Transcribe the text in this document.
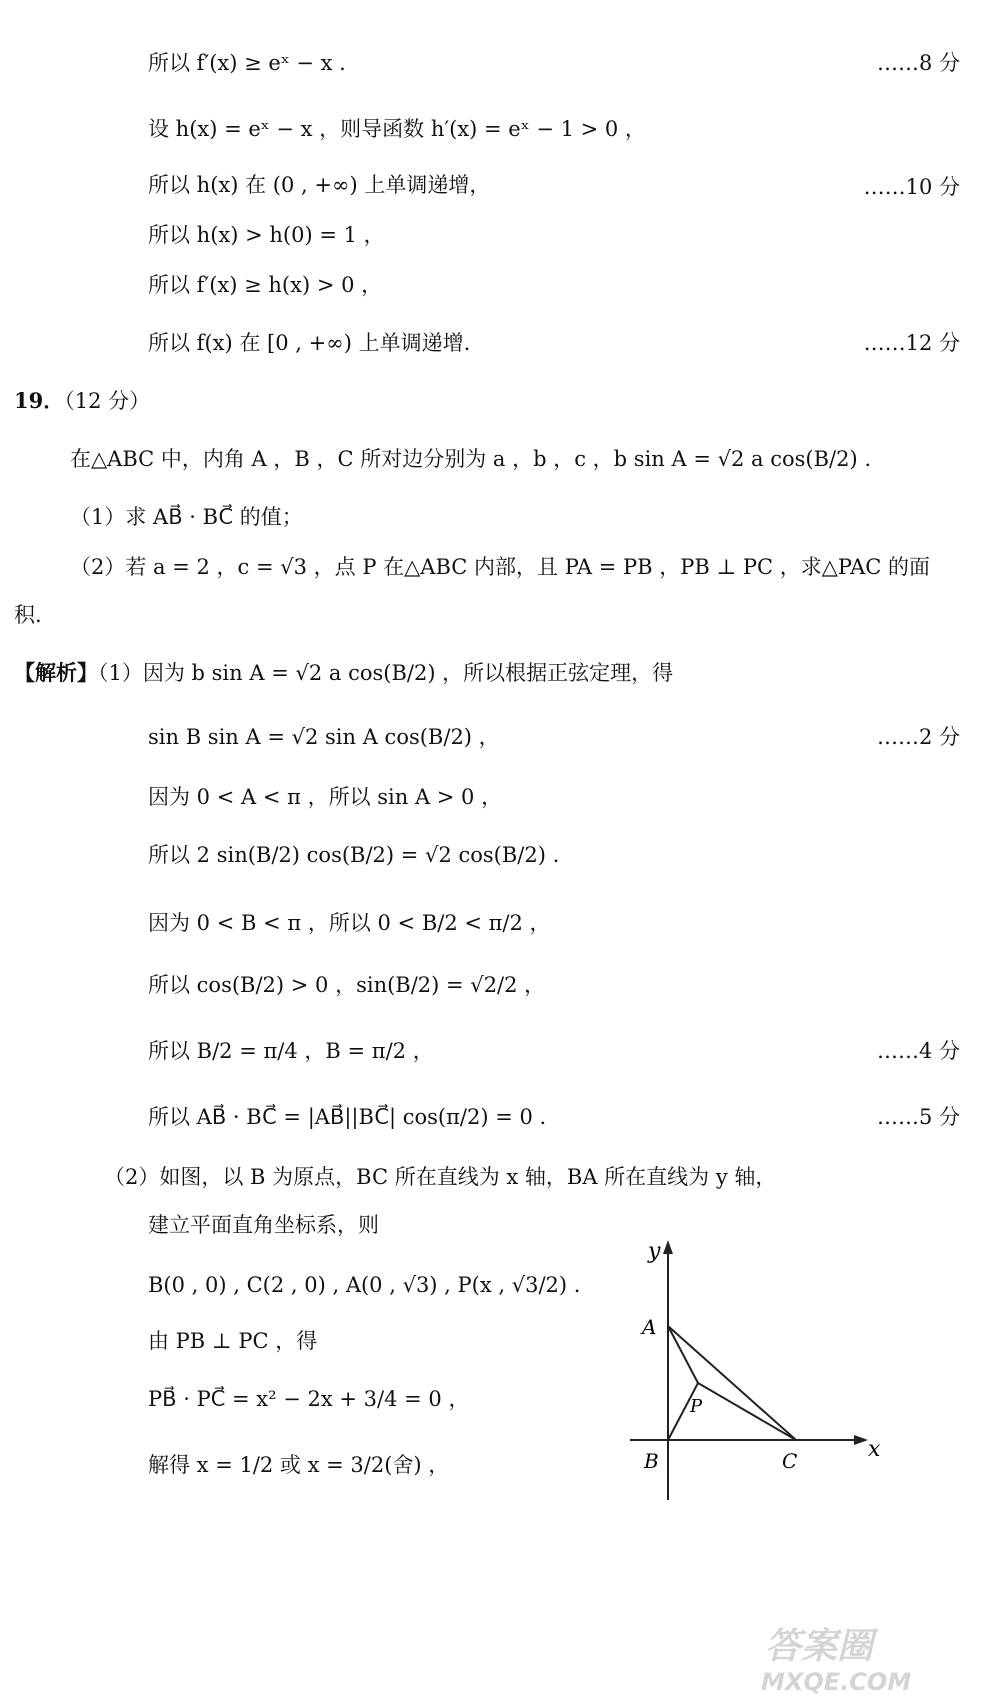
所以 f′(x) ≥ eˣ − x .	……8 分
设 h(x) = eˣ − x ，则导函数 h′(x) = eˣ − 1 > 0 ，
所以 h(x) 在 (0 , +∞) 上单调递增，	……10 分
所以 h(x) > h(0) = 1 ，
所以 f′(x) ≥ h(x) > 0 ，
所以 f(x) 在 [0 , +∞) 上单调递增.	……12 分
19．（12 分）
在△ABC 中，内角 A ，B ，C 所对边分别为 a ，b ，c ，b sin A = √2 a cos(B/2) .
（1）求 AB⃗ · BC⃗ 的值；
（2）若 a = 2 ，c = √3 ，点 P 在△ABC 内部，且 PA = PB ，PB ⊥ PC ，求△PAC 的面
积.
【解析】（1）因为 b sin A = √2 a cos(B/2) ，所以根据正弦定理，得
sin B sin A = √2 sin A cos(B/2) ，	……2 分
因为 0 < A < π ，所以 sin A > 0 ，
所以 2 sin(B/2) cos(B/2) = √2 cos(B/2) .
因为 0 < B < π ，所以 0 < B/2 < π/2 ，
所以 cos(B/2) > 0 ，sin(B/2) = √2/2 ，
所以 B/2 = π/4 ，B = π/2 ，	……4 分
所以 AB⃗ · BC⃗ = |AB⃗||BC⃗| cos(π/2) = 0 .	……5 分
（2）如图，以 B 为原点，BC 所在直线为 x 轴，BA 所在直线为 y 轴，
建立平面直角坐标系，则
B(0 , 0) , C(2 , 0) , A(0 , √3) , P(x , √3/2) .
由 PB ⊥ PC ，得
PB⃗ · PC⃗ = x² − 2x + 3/4 = 0 ，
解得 x = 1/2 或 x = 3/2(舍) ，
y
x
A
B	C
P
答案圈
MXQE.COM
